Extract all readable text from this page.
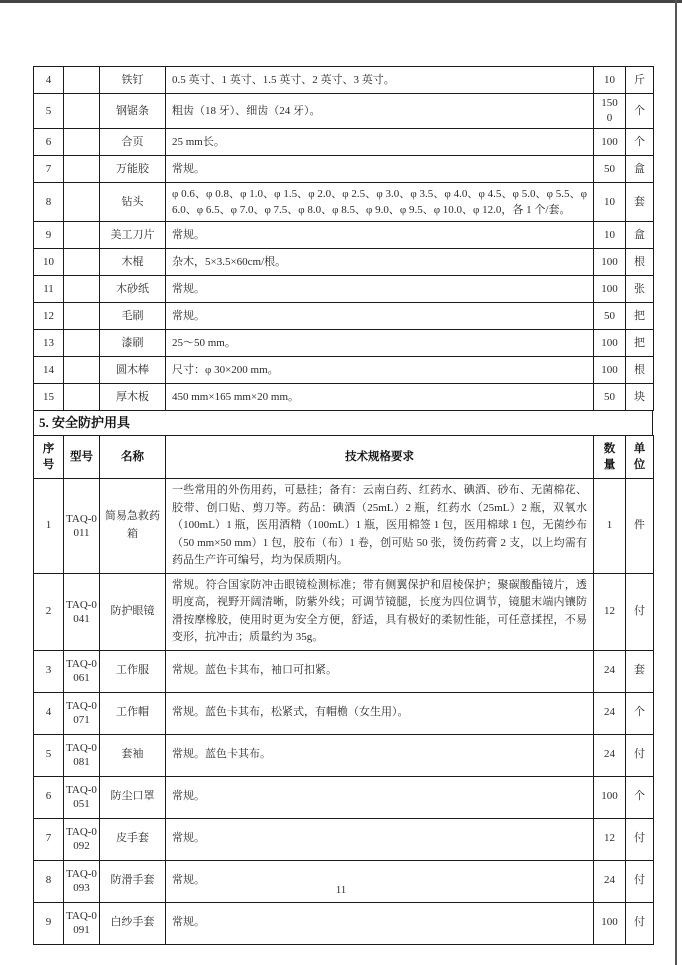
4		铁钉	0.5 英寸、1 英寸、1.5 英寸、2 英寸、3 英寸。	10	斤
5		钢锯条	粗齿（18 牙）、细齿（24 牙）。	1500	个
6		合页	25 mm长。	100	个
7		万能胶	常规。	50	盒
8		钻头	φ 0.6、φ 0.8、φ 1.0、φ 1.5、φ 2.0、φ 2.5、φ 3.0、φ 3.5、φ 4.0、φ 4.5、φ 5.0、φ 5.5、φ 6.0、φ 6.5、φ 7.0、φ 7.5、φ 8.0、φ 8.5、φ 9.0、φ 9.5、φ 10.0、φ 12.0，各 1 个/套。	10	套
9		美工刀片	常规。	10	盒
10		木棍	杂木，5×3.5×60cm/根。	100	根
11		木砂纸	常规。	100	张
12		毛刷	常规。	50	把
13		漆刷	25～50 mm。	100	把
14		圆木棒	尺寸：φ 30×200 mm。	100	根
15		厚木板	450 mm×165 mm×20 mm。	50	块
5. 安全防护用具
序号	型号	名称	技术规格要求	数量	单位
1	TAQ-0011	简易急救药箱	一些常用的外伤用药，可悬挂；备有：云南白药、红药水、碘酒、砂布、无菌棉花、胶带、创口贴、剪刀等。药品：碘酒（25mL）2 瓶，红药水（25mL）2 瓶，双氧水（100mL）1 瓶，医用酒精（100mL）1 瓶，医用棉签 1 包，医用棉球 1 包，无菌纱布（50 mm×50 mm）1 包，胶布（布）1 卷，创可贴 50 张，烫伤药膏 2 支，以上均需有药品生产许可编号，均为保质期内。	1	件
2	TAQ-0041	防护眼镜	常规。符合国家防冲击眼镜检测标准；带有侧翼保护和眉棱保护；聚碳酸酯镜片，透明度高，视野开阔清晰，防紫外线；可调节镜腿，长度为四位调节，镜腿末端内镶防滑按摩橡胶，使用时更为安全方便，舒适，具有极好的柔韧性能，可任意揉捏，不易变形，抗冲击；质量约为 35g。	12	付
3	TAQ-0061	工作服	常规。蓝色卡其布，袖口可扣紧。	24	套
4	TAQ-0071	工作帽	常规。蓝色卡其布，松紧式，有帽檐（女生用）。	24	个
5	TAQ-0081	套袖	常规。蓝色卡其布。	24	付
6	TAQ-0051	防尘口罩	常规。	100	个
7	TAQ-0092	皮手套	常规。	12	付
8	TAQ-0093	防滑手套	常规。	24	付
9	TAQ-0091	白纱手套	常规。	100	付
11
